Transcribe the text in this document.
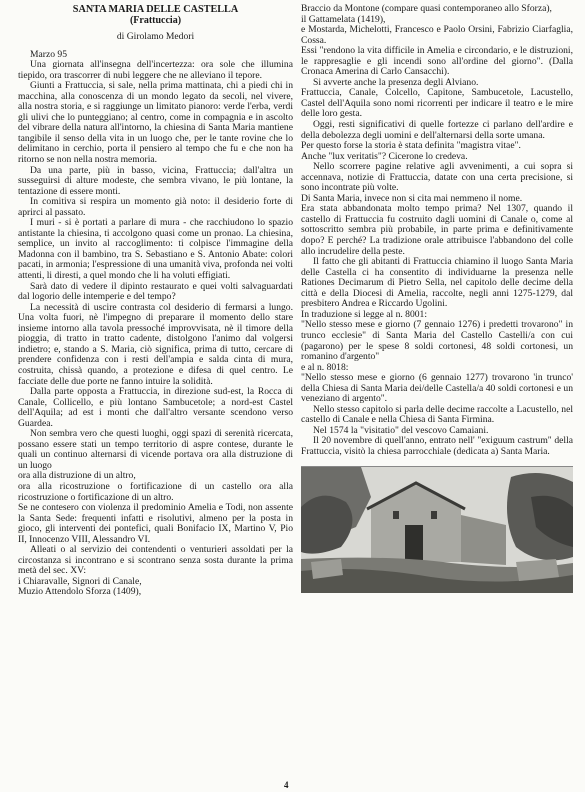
SANTA MARIA DELLE CASTELLA
(Frattuccia)
di Girolamo Medori

Marzo 95

Una giornata all'insegna dell'incertezza: ora sole che illumina tiepido, ora trascorrer di nubi leggere che ne alleviano il tepore.

Giunti a Frattuccia, si sale, nella prima mattinata, chi a piedi chi in macchina, alla conoscenza di un mondo legato da secoli, nel vivere, alla nostra storia, e si raggiunge un limitato pianoro: verde l'erba, verdi gli ulivi che lo punteggiano; al centro, come in compagnia e in ascolto del vibrare della natura all'intorno, la chiesina di Santa Maria mantiene tangibile il senso della vita in un luogo che, per le tante rovine che lo delimitano in cerchio, porta il pensiero al tempo che fu e che non ha ritorno se non nella nostra memoria.

Da una parte, più in basso, vicina, Frattuccia; dall'altra un susseguirsi di alture modeste, che sembra vivano, le più lontane, la tentazione di essere monti.

In comitiva si respira un momento già noto: il desiderio forte di aprirci al passato.

I muri - si è portati a parlare di mura - che racchiudono lo spazio antistante la chiesina, ti accolgono quasi come un pronao. La chiesina, semplice, un invito al raccoglimento: ti colpisce l'immagine della Madonna con il bambino, tra S. Sebastiano e S. Antonio Abate: colori pacati, in armonia; l'espressione di una umanità viva, profonda nei volti attenti, li diresti, a quel mondo che li ha voluti effigiati.

Sarà dato di vedere il dipinto restaurato e quei volti salvaguardati dal logorio delle intemperie e del tempo?

La necessità di uscire contrasta col desiderio di fermarsi a lungo. Una volta fuori, nè l'impegno di preparare il momento dello stare insieme intorno alla tavola pressoché improvvisata, nè il timore della pioggia, di tratto in tratto cadente, distolgono l'animo dal volgersi indietro; e, stando a S. Maria, ciò significa, prima di tutto, cercare di prendere confidenza con i resti dell'ampia e salda cinta di mura, costruita, chissà quando, a protezione e difesa di quel centro. Le facciate delle due porte ne fanno intuire la solidità.

Dalla parte opposta a Frattuccia, in direzione sud-est, la Rocca di Canale, Collicello, e più lontano Sambucetole; a nord-est Castel dell'Aquila; ad est i monti che dall'altro versante scendono verso Guardea.

Non sembra vero che questi luoghi, oggi spazi di serenità ricercata, possano essere stati un tempo territorio di aspre contese, durante le quali un continuo alternarsi di vicende portava ora alla distruzione di un luogo

ora alla distruzione di un altro,

ora alla ricostruzione o fortificazione di un castello ora alla ricostruzione o fortificazione di un altro.

Se ne contesero con violenza il predominio Amelia e Todi, non assente la Santa Sede: frequenti infatti e risolutivi, almeno per la posta in gioco, gli interventi dei pontefici, quali Bonifacio IX, Martino V, Pio II, Innocenzo VIII, Alessandro VI.

Alleati o al servizio dei contendenti o venturieri assoldati per la circostanza si incontrano e si scontrano senza sosta durante la prima metà del sec. XV:

i Chiaravalle, Signori di Canale,

Muzio Attendolo Sforza (1409),

Braccio da Montone (compare quasi contemporaneo allo Sforza),

il Gattamelata (1419),

e Mostarda, Michelotti, Francesco e Paolo Orsini, Fabrizio Ciarfaglia, Cossa.

Essi "rendono la vita difficile in Amelia e circondario, e le distruzioni, le rappresaglie e gli incendi sono all'ordine del giorno". (Dalla Cronaca Amerina di Carlo Cansacchi).

Si avverte anche la presenza degli Alviano.

Frattuccia, Canale, Colcello, Capitone, Sambucetole, Lacustello, Castel dell'Aquila sono nomi ricorrenti per indicare il teatro e le mire delle loro gesta.

Oggi, resti significativi di quelle fortezze ci parlano dell'ardire e della debolezza degli uomini e dell'alternarsi della sorte umana.

Per questo forse la storia è stata definita "magistra vitae".

Anche "lux veritatis"? Cicerone lo credeva.

Nello scorrere pagine relative agli avvenimenti, a cui sopra si accennava, notizie di Frattuccia, datate con una certa precisione, si sono incontrate più volte.

Di Santa Maria, invece non si cita mai nemmeno il nome.

Era stata abbandonata molto tempo prima? Nel 1307, quando il castello di Frattuccia fu costruito dagli uomini di Canale o, come al sottoscritto sembra più probabile, in parte prima e definitivamente dopo? E perché? La tradizione orale attribuisce l'abbandono del colle allo incrudelire della peste.

Il fatto che gli abitanti di Frattuccia chiamino il luogo Santa Maria delle Castella ci ha consentito di individuarne la presenza nelle Rationes Decimarum di Pietro Sella, nel capitolo delle decime della città e della Diocesi di Amelia, raccolte, negli anni 1275-1279, dal presbitero Andrea e Riccardo Ugolini.

In traduzione si legge al n. 8001:

"Nello stesso mese e giorno (7 gennaio 1276) i predetti trovarono" in trunco ecclesie" di Santa Maria del Castello Castelli/a con cui (pagarono) per le spese 8 soldi cortonesi, 48 soldi cortonesi, un romanino d'argento"

e al n. 8018:

"Nello stesso mese e giorno (6 gennaio 1277) trovarono 'in trunco' della Chiesa di Santa Maria dei/delle Castella/a 40 soldi cortonesi e un veneziano di argento".

Nello stesso capitolo si parla delle decime raccolte a Lacustello, nel castello di Canale e nella Chiesa di Santa Firmina.

Nel 1574 la "visitatio" del vescovo Camaiani.

Il 20 novembre di quell'anno, entrato nell' "exiguum castrum" della Frattuccia, visitò la chiesa parrocchiale (dedicata a) Santa Maria.

4
